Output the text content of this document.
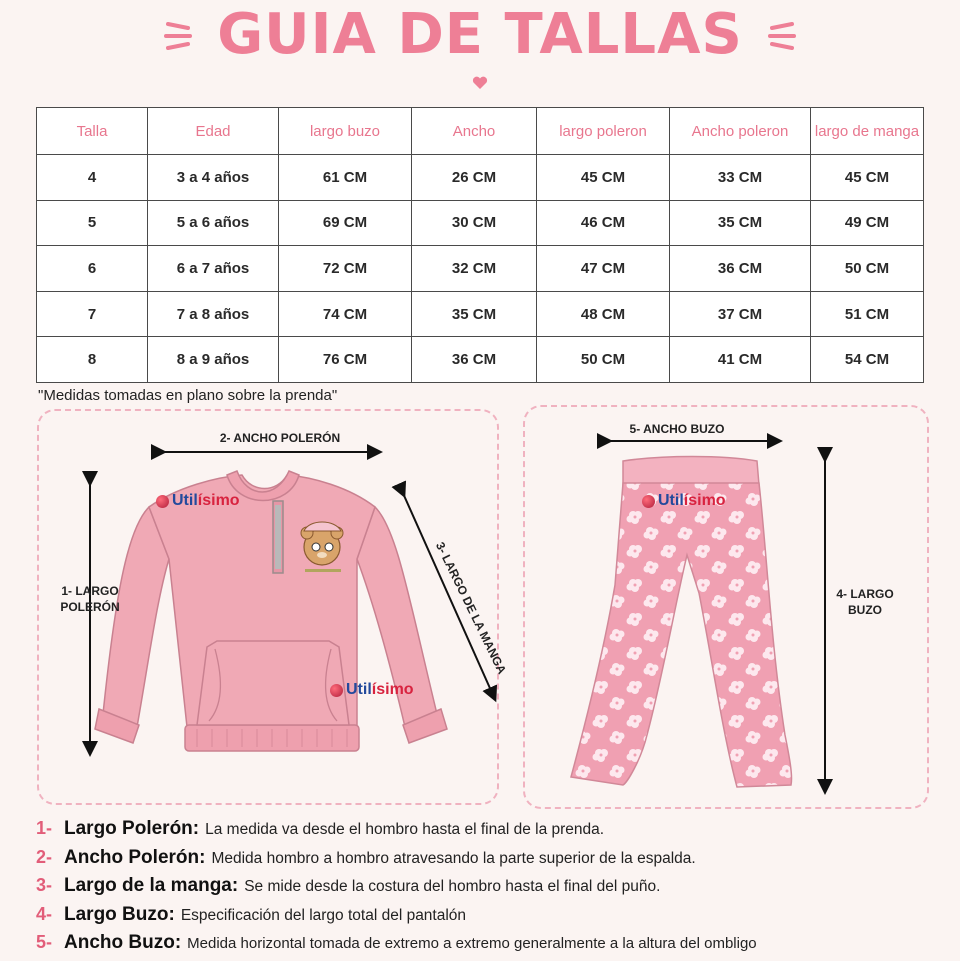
GUIA DE TALLAS
Talla	Edad	largo buzo	Ancho	largo poleron	Ancho poleron	largo de manga
4	3 a 4 años	61 CM	26 CM	45 CM	33 CM	45 CM
5	5 a 6 años	69 CM	30 CM	46 CM	35 CM	49 CM
6	6 a 7 años	72 CM	32 CM	47 CM	36 CM	50 CM
7	7 a 8 años	74 CM	35 CM	48 CM	37 CM	51 CM
8	8 a 9 años	76 CM	36 CM	50 CM	41 CM	54 CM
"Medidas tomadas en plano sobre la prenda"
2- ANCHO POLERÓN
1- LARGO
POLERÓN	3- LARGO DE LA MANGA
Util ísimo
Util ísimo
5- ANCHO BUZO
4- LARGO
BUZO
Util ísimo
1- Largo Polerón: La medida va desde el hombro hasta el final de la prenda.
2- Ancho Polerón: Medida hombro a hombro atravesando la parte superior de la espalda.
3- Largo de la manga: Se mide desde la costura del hombro hasta el final del puño.
4- Largo Buzo: Especificación del largo total del pantalón
5- Ancho Buzo: Medida horizontal tomada de extremo a extremo generalmente a la altura del ombligo
